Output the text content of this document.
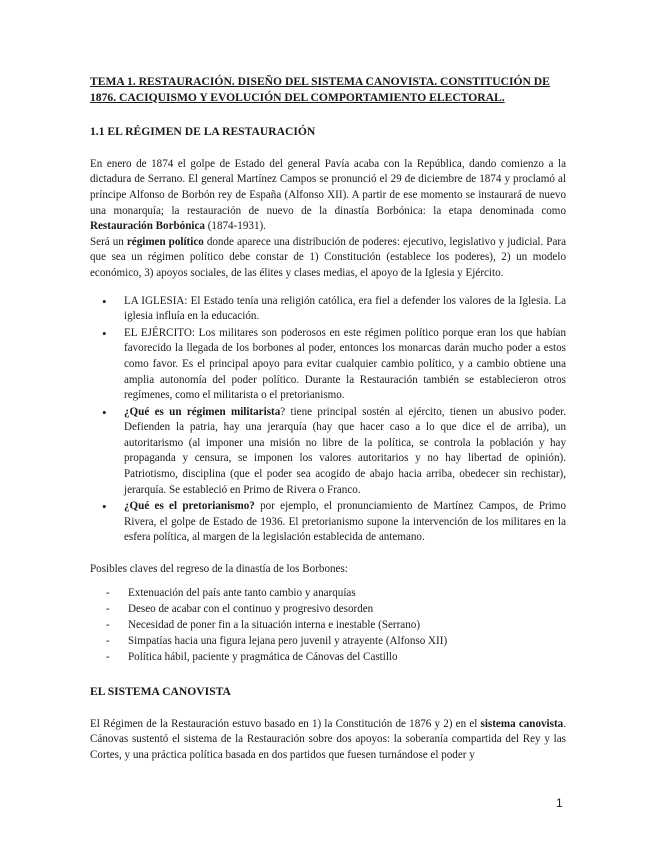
TEMA 1. RESTAURACIÓN. DISEÑO DEL SISTEMA CANOVISTA. CONSTITUCIÓN DE 1876. CACIQUISMO Y EVOLUCIÓN DEL COMPORTAMIENTO ELECTORAL.
1.1 EL RÉGIMEN DE LA RESTAURACIÓN

En enero de 1874 el golpe de Estado del general Pavía acaba con la República, dando comienzo a la dictadura de Serrano. El general Martínez Campos se pronunció el 29 de diciembre de 1874 y proclamó al príncipe Alfonso de Borbón rey de España (Alfonso XII). A partir de ese momento se instaurará de nuevo una monarquía; la restauración de nuevo de la dinastía Borbónica: la etapa denominada como Restauración Borbónica (1874-1931).

Será un régimen político donde aparece una distribución de poderes: ejecutivo, legislativo y judicial. Para que sea un régimen político debe constar de 1) Constitución (establece los poderes), 2) un modelo económico, 3) apoyos sociales, de las élites y clases medias, el apoyo de la Iglesia y Ejército.

• LA IGLESIA: El Estado tenía una religión católica, era fiel a defender los valores de la Iglesia. La iglesia influía en la educación.
• EL EJÉRCITO: Los militares son poderosos en este régimen político porque eran los que habían favorecido la llegada de los borbones al poder, entonces los monarcas darán mucho poder a estos como favor. Es el principal apoyo para evitar cualquier cambio político, y a cambio obtiene una amplia autonomía del poder político. Durante la Restauración también se establecieron otros regímenes, como el militarista o el pretorianismo.
• ¿Qué es un régimen militarista? tiene principal sostén al ejército, tienen un abusivo poder. Defienden la patria, hay una jerarquía (hay que hacer caso a lo que dice el de arriba), un autoritarismo (al imponer una misión no libre de la política, se controla la población y hay propaganda y censura, se imponen los valores autoritarios y no hay libertad de opinión). Patriotismo, disciplina (que el poder sea acogido de abajo hacia arriba, obedecer sin rechistar), jerarquía. Se estableció en Primo de Rivera o Franco.
• ¿Qué es el pretorianismo? por ejemplo, el pronunciamiento de Martínez Campos, de Primo Rivera, el golpe de Estado de 1936. El pretorianismo supone la intervención de los militares en la esfera política, al margen de la legislación establecida de antemano.

Posibles claves del regreso de la dinastía de los Borbones:

- Extenuación del país ante tanto cambio y anarquías
- Deseo de acabar con el continuo y progresivo desorden
- Necesidad de poner fin a la situación interna e inestable (Serrano)
- Simpatías hacia una figura lejana pero juvenil y atrayente (Alfonso XII)
- Política hábil, paciente y pragmática de Cánovas del Castillo
EL SISTEMA CANOVISTA

El Régimen de la Restauración estuvo basado en 1) la Constitución de 1876 y 2) en el sistema canovista. Cánovas sustentó el sistema de la Restauración sobre dos apoyos: la soberanía compartida del Rey y las Cortes, y una práctica política basada en dos partidos que fuesen turnándose el poder y

1
